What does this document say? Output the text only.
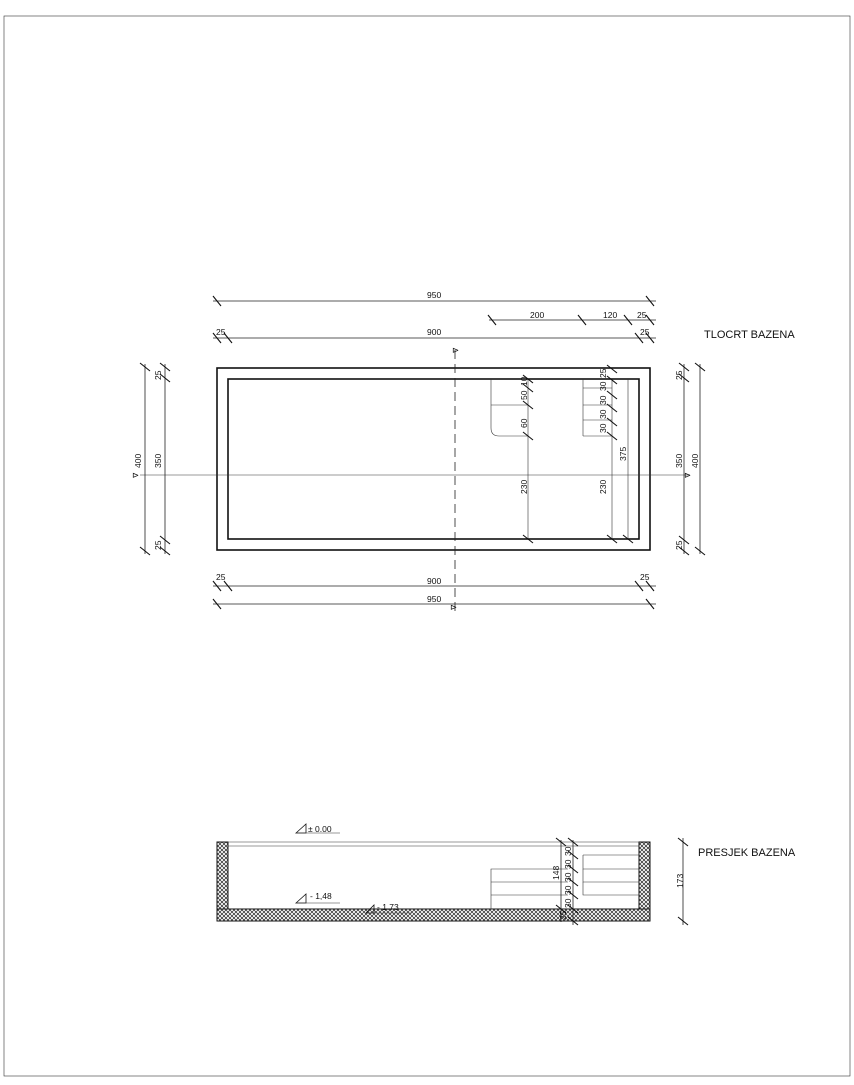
⊳
⊳
⊳	⊳
950
200	120 25
25	900	25	TLOCRT BAZENA
25	900	25
950
400
25
350
25
25
350
25
400
10
50
60
230
25
30
30
30
30
230
375
± 0.00
- 1,48
- 1.73
148
30
30
30
30
30
25
173
PRESJEK BAZENA
